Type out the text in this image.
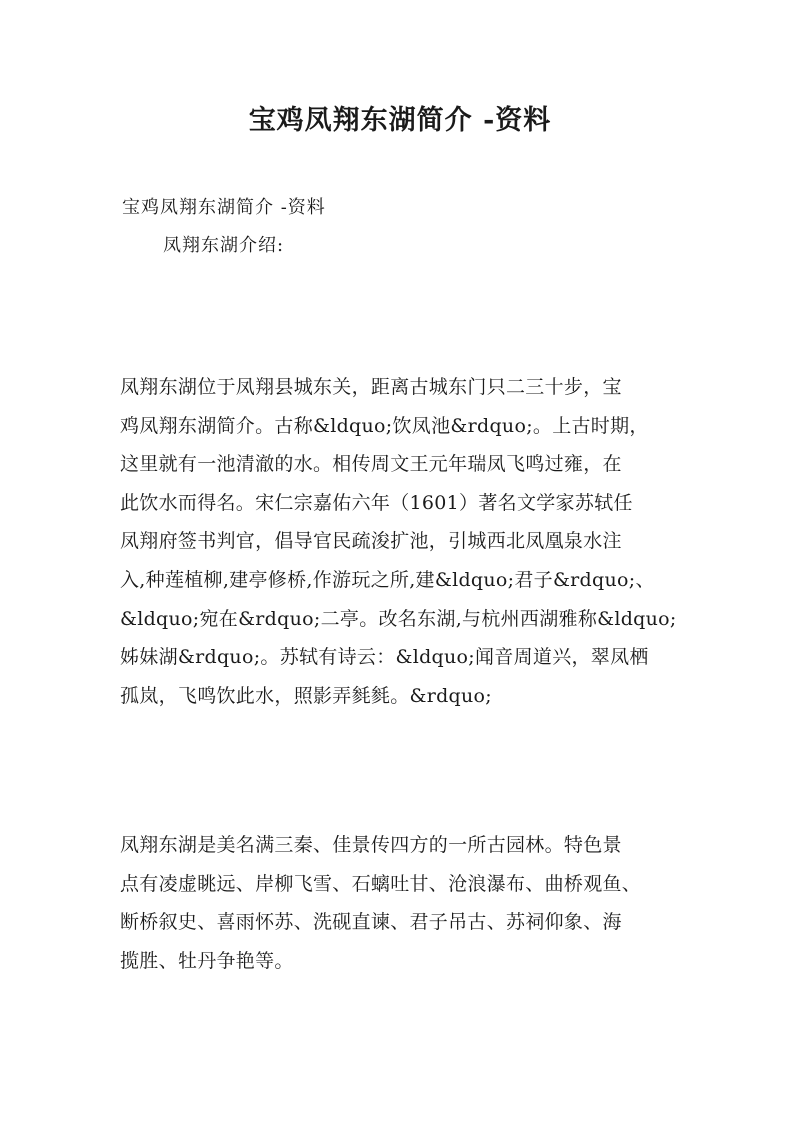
宝鸡凤翔东湖简介 -资料

宝鸡凤翔东湖简介 -资料

凤翔东湖介绍:

凤翔东湖位于凤翔县城东关，距离古城东门只二三十步，宝
鸡凤翔东湖简介。古称&ldquo;饮凤池&rdquo;。上古时期，
这里就有一池清澈的水。相传周文王元年瑞凤飞鸣过雍，在
此饮水而得名。宋仁宗嘉佑六年（1601）著名文学家苏轼任
凤翔府签书判官，倡导官民疏浚扩池，引城西北凤凰泉水注
入,种莲植柳,建亭修桥,作游玩之所,建&ldquo;君子&rdquo;、
&ldquo;宛在&rdquo;二亭。改名东湖,与杭州西湖雅称&ldquo;
姊妹湖&rdquo;。苏轼有诗云：&ldquo;闻音周道兴，翠凤栖
孤岚，飞鸣饮此水，照影弄毵毵。&rdquo;
凤翔东湖是美名满三秦、佳景传四方的一所古园林。特色景
点有凌虚眺远、岸柳飞雪、石螭吐甘、沧浪瀑布、曲桥观鱼、
断桥叙史、喜雨怀苏、洗砚直谏、君子吊古、苏祠仰象、海
揽胜、牡丹争艳等。
